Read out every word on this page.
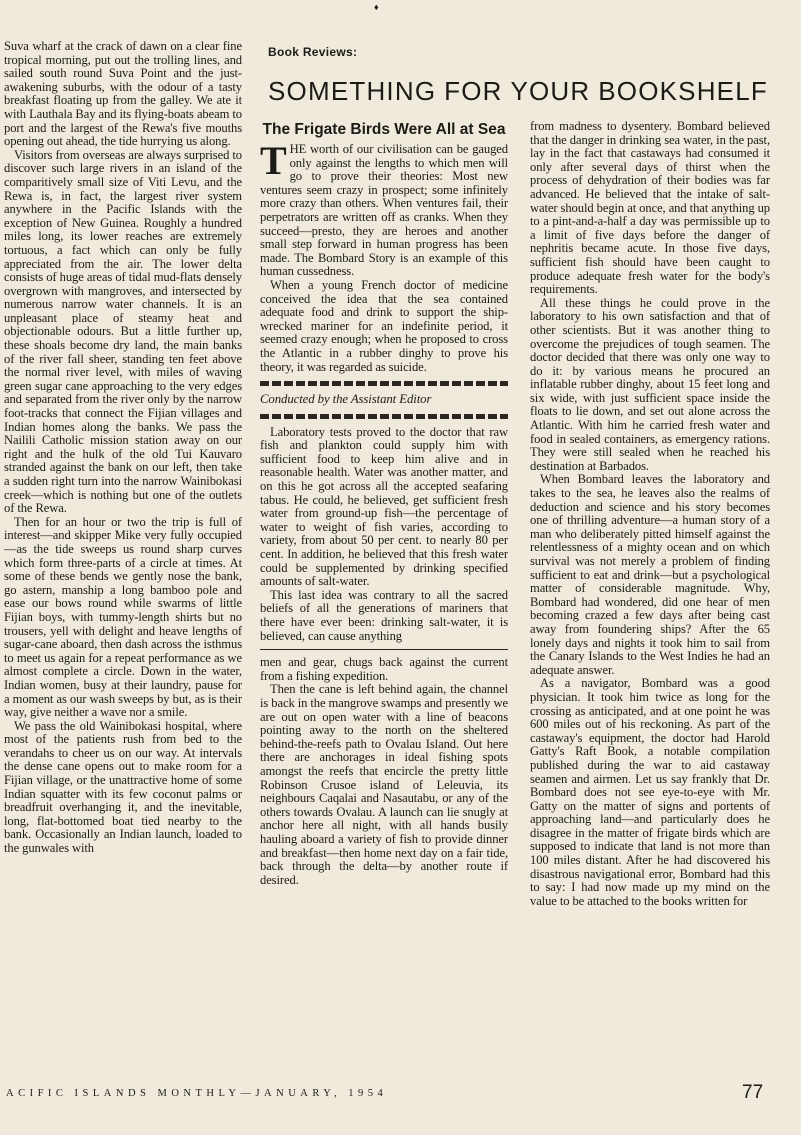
♦

Suva wharf at the crack of dawn on a clear fine tropical morning, put out the trolling lines, and sailed south round Suva Point and the just-awakening suburbs, with the odour of a tasty breakfast floating up from the galley. We ate it with Lauthala Bay and its flying-boats abeam to port and the largest of the Rewa's five mouths opening out ahead, the tide hurrying us along.

Visitors from overseas are always surprised to discover such large rivers in an island of the comparitively small size of Viti Levu, and the Rewa is, in fact, the largest river system anywhere in the Pacific Islands with the exception of New Guinea. Roughly a hundred miles long, its lower reaches are extremely tortuous, a fact which can only be fully appreciated from the air. The lower delta consists of huge areas of tidal mud-flats densely overgrown with mangroves, and intersected by numerous narrow water channels. It is an unpleasant place of steamy heat and objectionable odours. But a little further up, these shoals become dry land, the main banks of the river fall sheer, standing ten feet above the normal river level, with miles of waving green sugar cane approaching to the very edges and separated from the river only by the narrow foot-tracks that connect the Fijian villages and Indian homes along the banks. We pass the Nailili Catholic mission station away on our right and the hulk of the old Tui Kauvaro stranded against the bank on our left, then take a sudden right turn into the narrow Wainibokasi creek—which is nothing but one of the outlets of the Rewa.

Then for an hour or two the trip is full of interest—and skipper Mike very fully occupied—as the tide sweeps us round sharp curves which form three-parts of a circle at times. At some of these bends we gently nose the bank, go astern, manship a long bamboo pole and ease our bows round while swarms of little Fijian boys, with tummy-length shirts but no trousers, yell with delight and heave lengths of sugar-cane aboard, then dash across the isthmus to meet us again for a repeat performance as we almost complete a circle. Down in the water, Indian women, busy at their laundry, pause for a moment as our wash sweeps by but, as is their way, give neither a wave nor a smile.

We pass the old Wainibokasi hospital, where most of the patients rush from bed to the verandahs to cheer us on our way. At intervals the dense cane opens out to make room for a Fijian village, or the unattractive home of some Indian squatter with its few coconut palms or breadfruit overhanging it, and the inevitable, long, flat-bottomed boat tied nearby to the bank. Occasionally an Indian launch, loaded to the gunwales with

Book Reviews:
SOMETHING FOR YOUR BOOKSHELF
The Frigate Birds Were All at Sea

THE worth of our civilisation can be gauged only against the lengths to which men will go to prove their theories: Most new ventures seem crazy in prospect; some infinitely more crazy than others. When ventures fail, their perpetrators are written off as cranks. When they succeed—presto, they are heroes and another small step forward in human progress has been made. The Bombard Story is an example of this human cussedness.

When a young French doctor of medicine conceived the idea that the sea contained adequate food and drink to support the ship-wrecked mariner for an indefinite period, it seemed crazy enough; when he proposed to cross the Atlantic in a rubber dinghy to prove his theory, it was regarded as suicide.

Conducted by the Assistant Editor

Laboratory tests proved to the doctor that raw fish and plankton could supply him with sufficient food to keep him alive and in reasonable health. Water was another matter, and on this he got across all the accepted seafaring tabus. He could, he believed, get sufficient fresh water from ground-up fish—the percentage of water to weight of fish varies, according to variety, from about 50 per cent. to nearly 80 per cent. In addition, he believed that this fresh water could be supplemented by drinking specified amounts of salt-water.

This last idea was contrary to all the sacred beliefs of all the generations of mariners that there have ever been: drinking salt-water, it is believed, can cause anything

men and gear, chugs back against the current from a fishing expedition.

Then the cane is left behind again, the channel is back in the mangrove swamps and presently we are out on open water with a line of beacons pointing away to the north on the sheltered behind-the-reefs path to Ovalau Island. Out here there are anchorages in ideal fishing spots amongst the reefs that encircle the pretty little Robinson Crusoe island of Leleuvia, its neighbours Caqalai and Nasautabu, or any of the others towards Ovalau. A launch can lie snugly at anchor here all night, with all hands busily hauling aboard a variety of fish to provide dinner and breakfast—then home next day on a fair tide, back through the delta—by another route if desired.

from madness to dysentery. Bombard believed that the danger in drinking sea water, in the past, lay in the fact that castaways had consumed it only after several days of thirst when the process of dehydration of their bodies was far advanced. He believed that the intake of salt-water should begin at once, and that anything up to a pint-and-a-half a day was permissible up to a limit of five days before the danger of nephritis became acute. In those five days, sufficient fish should have been caught to produce adequate fresh water for the body's requirements.

All these things he could prove in the laboratory to his own satisfaction and that of other scientists. But it was another thing to overcome the prejudices of tough seamen. The doctor decided that there was only one way to do it: by various means he procured an inflatable rubber dinghy, about 15 feet long and six wide, with just sufficient space inside the floats to lie down, and set out alone across the Atlantic. With him he carried fresh water and food in sealed containers, as emergency rations. They were still sealed when he reached his destination at Barbados.

When Bombard leaves the laboratory and takes to the sea, he leaves also the realms of deduction and science and his story becomes one of thrilling adventure—a human story of a man who deliberately pitted himself against the relentlessness of a mighty ocean and on which survival was not merely a problem of finding sufficient to eat and drink—but a psychological matter of considerable magnitude. Why, Bombard had wondered, did one hear of men becoming crazed a few days after being cast away from foundering ships? After the 65 lonely days and nights it took him to sail from the Canary Islands to the West Indies he had an adequate answer.

As a navigator, Bombard was a good physician. It took him twice as long for the crossing as anticipated, and at one point he was 600 miles out of his reckoning. As part of the castaway's equipment, the doctor had Harold Gatty's Raft Book, a notable compilation published during the war to aid castaway seamen and airmen. Let us say frankly that Dr. Bombard does not see eye-to-eye with Mr. Gatty on the matter of signs and portents of approaching land—and particularly does he disagree in the matter of frigate birds which are supposed to indicate that land is not more than 100 miles distant. After he had discovered his disastrous navigational error, Bombard had this to say: I had now made up my mind on the value to be attached to the books written for

ACIFIC ISLANDS MONTHLY—JANUARY, 1954	77
